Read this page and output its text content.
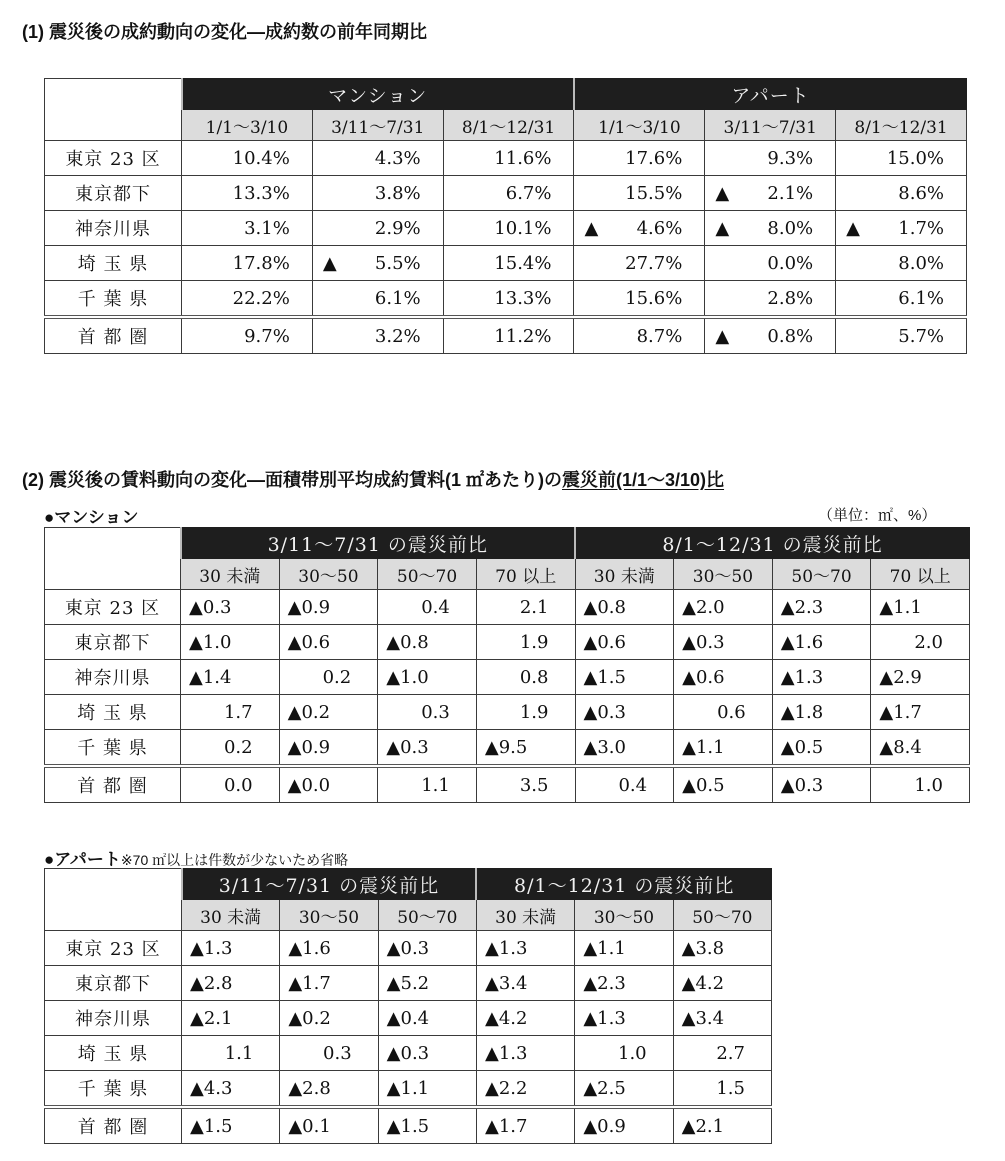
(1) 震災後の成約動向の変化―成約数の前年同期比
	マンション			アパート		
	1/1〜3/10	3/11〜7/31	8/1〜12/31	1/1〜3/10	3/11〜7/31	8/1〜12/31
東京 23 区	10.4%	4.3%	11.6%	17.6%	9.3%	15.0%
東京都下	13.3%	3.8%	6.7%	15.5%	▲ 2.1%	8.6%
神奈川県	3.1%	2.9%	10.1%	▲ 4.6%	▲ 8.0%	▲ 1.7%
埼 玉 県	17.8%	▲ 5.5%	15.4%	27.7%	0.0%	8.0%
千 葉 県	22.2%	6.1%	13.3%	15.6%	2.8%	6.1%
首 都 圏	9.7%	3.2%	11.2%	8.7%	▲ 0.8%	5.7%
(2) 震災後の賃料動向の変化―面積帯別平均成約賃料(1 ㎡あたり)の震災前(1/1〜3/10)比
●マンション	（単位：㎡、%）
	3/11〜7/31 の震災前比				8/1〜12/31 の震災前比			
	30 未満	30〜50	50〜70	70 以上	30 未満	30〜50	50〜70	70 以上
東京 23 区	▲0.3	▲0.9	0.4	2.1	▲0.8	▲2.0	▲2.3	▲1.1
東京都下	▲1.0	▲0.6	▲0.8	1.9	▲0.6	▲0.3	▲1.6	2.0
神奈川県	▲1.4	0.2	▲1.0	0.8	▲1.5	▲0.6	▲1.3	▲2.9
埼 玉 県	1.7	▲0.2	0.3	1.9	▲0.3	0.6	▲1.8	▲1.7
千 葉 県	0.2	▲0.9	▲0.3	▲9.5	▲3.0	▲1.1	▲0.5	▲8.4
首 都 圏	0.0	▲0.0	1.1	3.5	0.4	▲0.5	▲0.3	1.0
●アパート※70 ㎡以上は件数が少ないため省略
	3/11〜7/31 の震災前比			8/1〜12/31 の震災前比		
	30 未満	30〜50	50〜70	30 未満	30〜50	50〜70
東京 23 区	▲1.3	▲1.6	▲0.3	▲1.3	▲1.1	▲3.8
東京都下	▲2.8	▲1.7	▲5.2	▲3.4	▲2.3	▲4.2
神奈川県	▲2.1	▲0.2	▲0.4	▲4.2	▲1.3	▲3.4
埼 玉 県	1.1	0.3	▲0.3	▲1.3	1.0	2.7
千 葉 県	▲4.3	▲2.8	▲1.1	▲2.2	▲2.5	1.5
首 都 圏	▲1.5	▲0.1	▲1.5	▲1.7	▲0.9	▲2.1
